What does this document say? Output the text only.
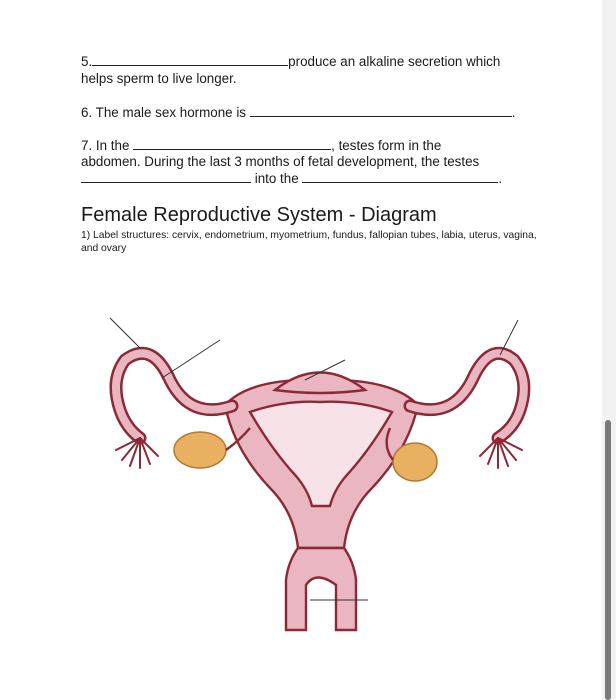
5.	produce an alkaline secretion which
helps sperm to live longer.
6. The male sex hormone is	.
7. In the	, testes form in the
abdomen. During the last 3 months of fetal development, the testes
into the	.
Female Reproductive System - Diagram
1) Label structures: cervix, endometrium, myometrium, fundus, fallopian tubes, labia, uterus, vagina, and ovary
